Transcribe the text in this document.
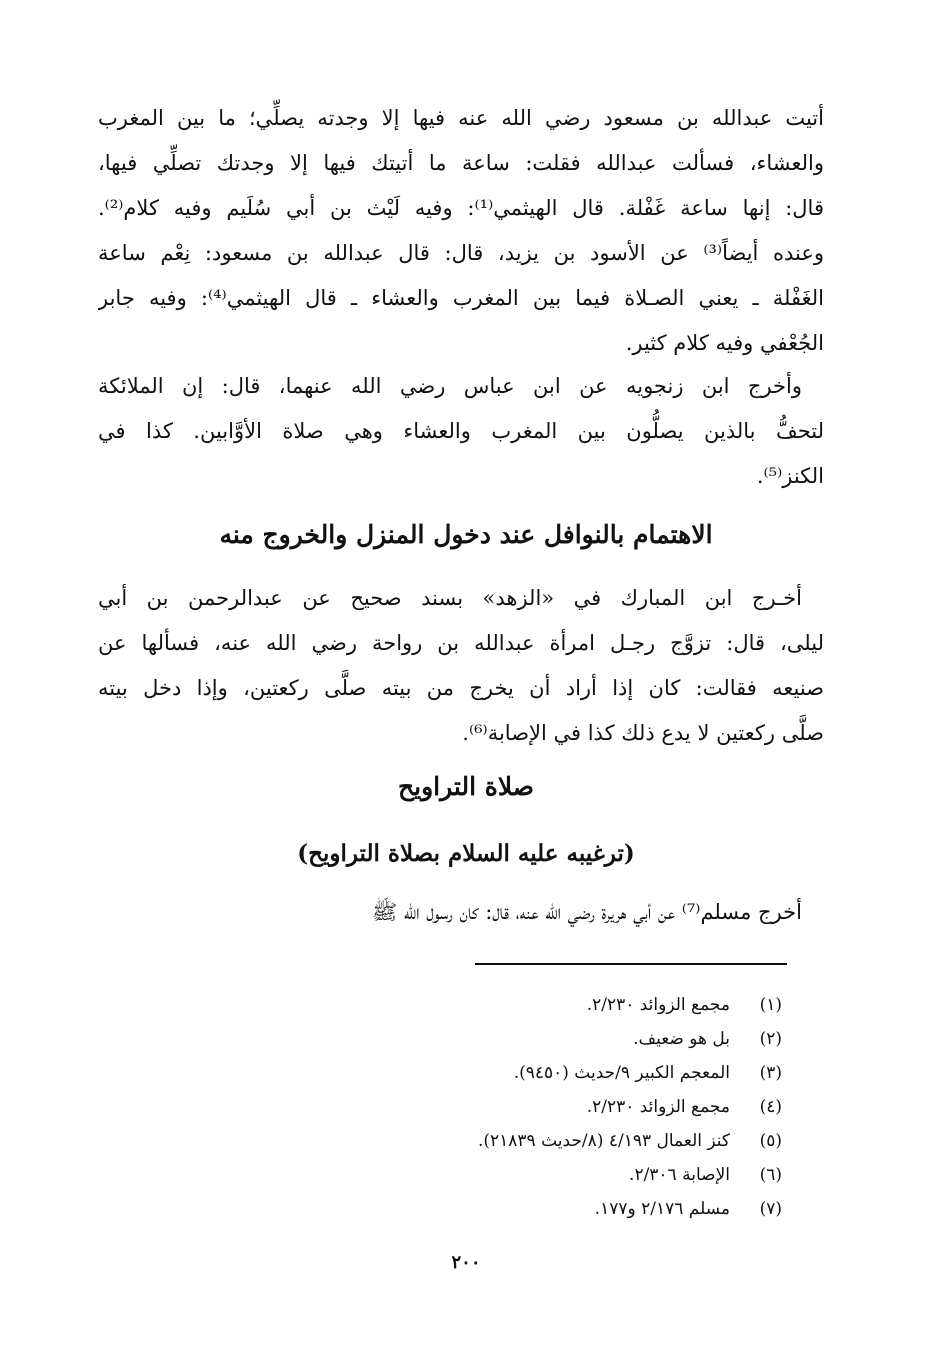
أتيت عبدالله بن مسعود رضي الله عنه فيها إلا وجدته يصلِّي؛ ما بين المغرب
والعشاء، فسألت عبدالله فقلت: ساعة ما أتيتك فيها إلا وجدتك تصلِّي فيها،
قال: إنها ساعة غَفْلة. قال الهيثمي⁽¹⁾: وفيه لَيْث بن أبي سُلَيم وفيه كلام⁽²⁾.
وعنده أيضاً⁽³⁾ عن الأسود بن يزيد، قال: قال عبدالله بن مسعود: نِعْم ساعة
الغَفْلة ـ يعني الصـلاة فيما بين المغرب والعشاء ـ قال الهيثمي⁽⁴⁾: وفيه جابر
الجُعْفي وفيه كلام كثير.
وأخرج ابن زنجويه عن ابن عباس رضي الله عنهما، قال: إن الملائكة
لتحفُّ بالذين يصلُّون بين المغرب والعشاء وهي صلاة الأوَّابين. كذا في
الكنز⁽⁵⁾.
الاهتمام بالنوافل عند دخول المنزل والخروج منه
أخـرج ابن المبارك في «الزهد» بسند صحيح عن عبدالرحمن بن أبي
ليلى، قال: تزوَّج رجـل امرأة عبدالله بن رواحة رضي الله عنه، فسألها عن
صنيعه فقالت: كان إذا أراد أن يخرج من بيته صلَّى ركعتين، وإذا دخل بيته
صلَّى ركعتين لا يدع ذلك كذا في الإصابة⁽⁶⁾.
صلاة التراويح
(ترغيبه عليه السلام بصلاة التراويح)
أخرج مسلم⁽⁷⁾ عن أبي هريرة رضي الله عنه، قال: كان رسول الله ﷺ
(١)مجمع الزوائد ٢/٢٣٠.
(٢)بل هو ضعيف.
(٣)المعجم الكبير ٩/حديث (٩٤٥٠).
(٤)مجمع الزوائد ٢/٢٣٠.
(٥)كنز العمال ٤/١٩٣ (٨/حديث ٢١٨٣٩).
(٦)الإصابة ٢/٣٠٦.
(٧)مسلم ٢/١٧٦ و١٧٧.
٢٠٠
